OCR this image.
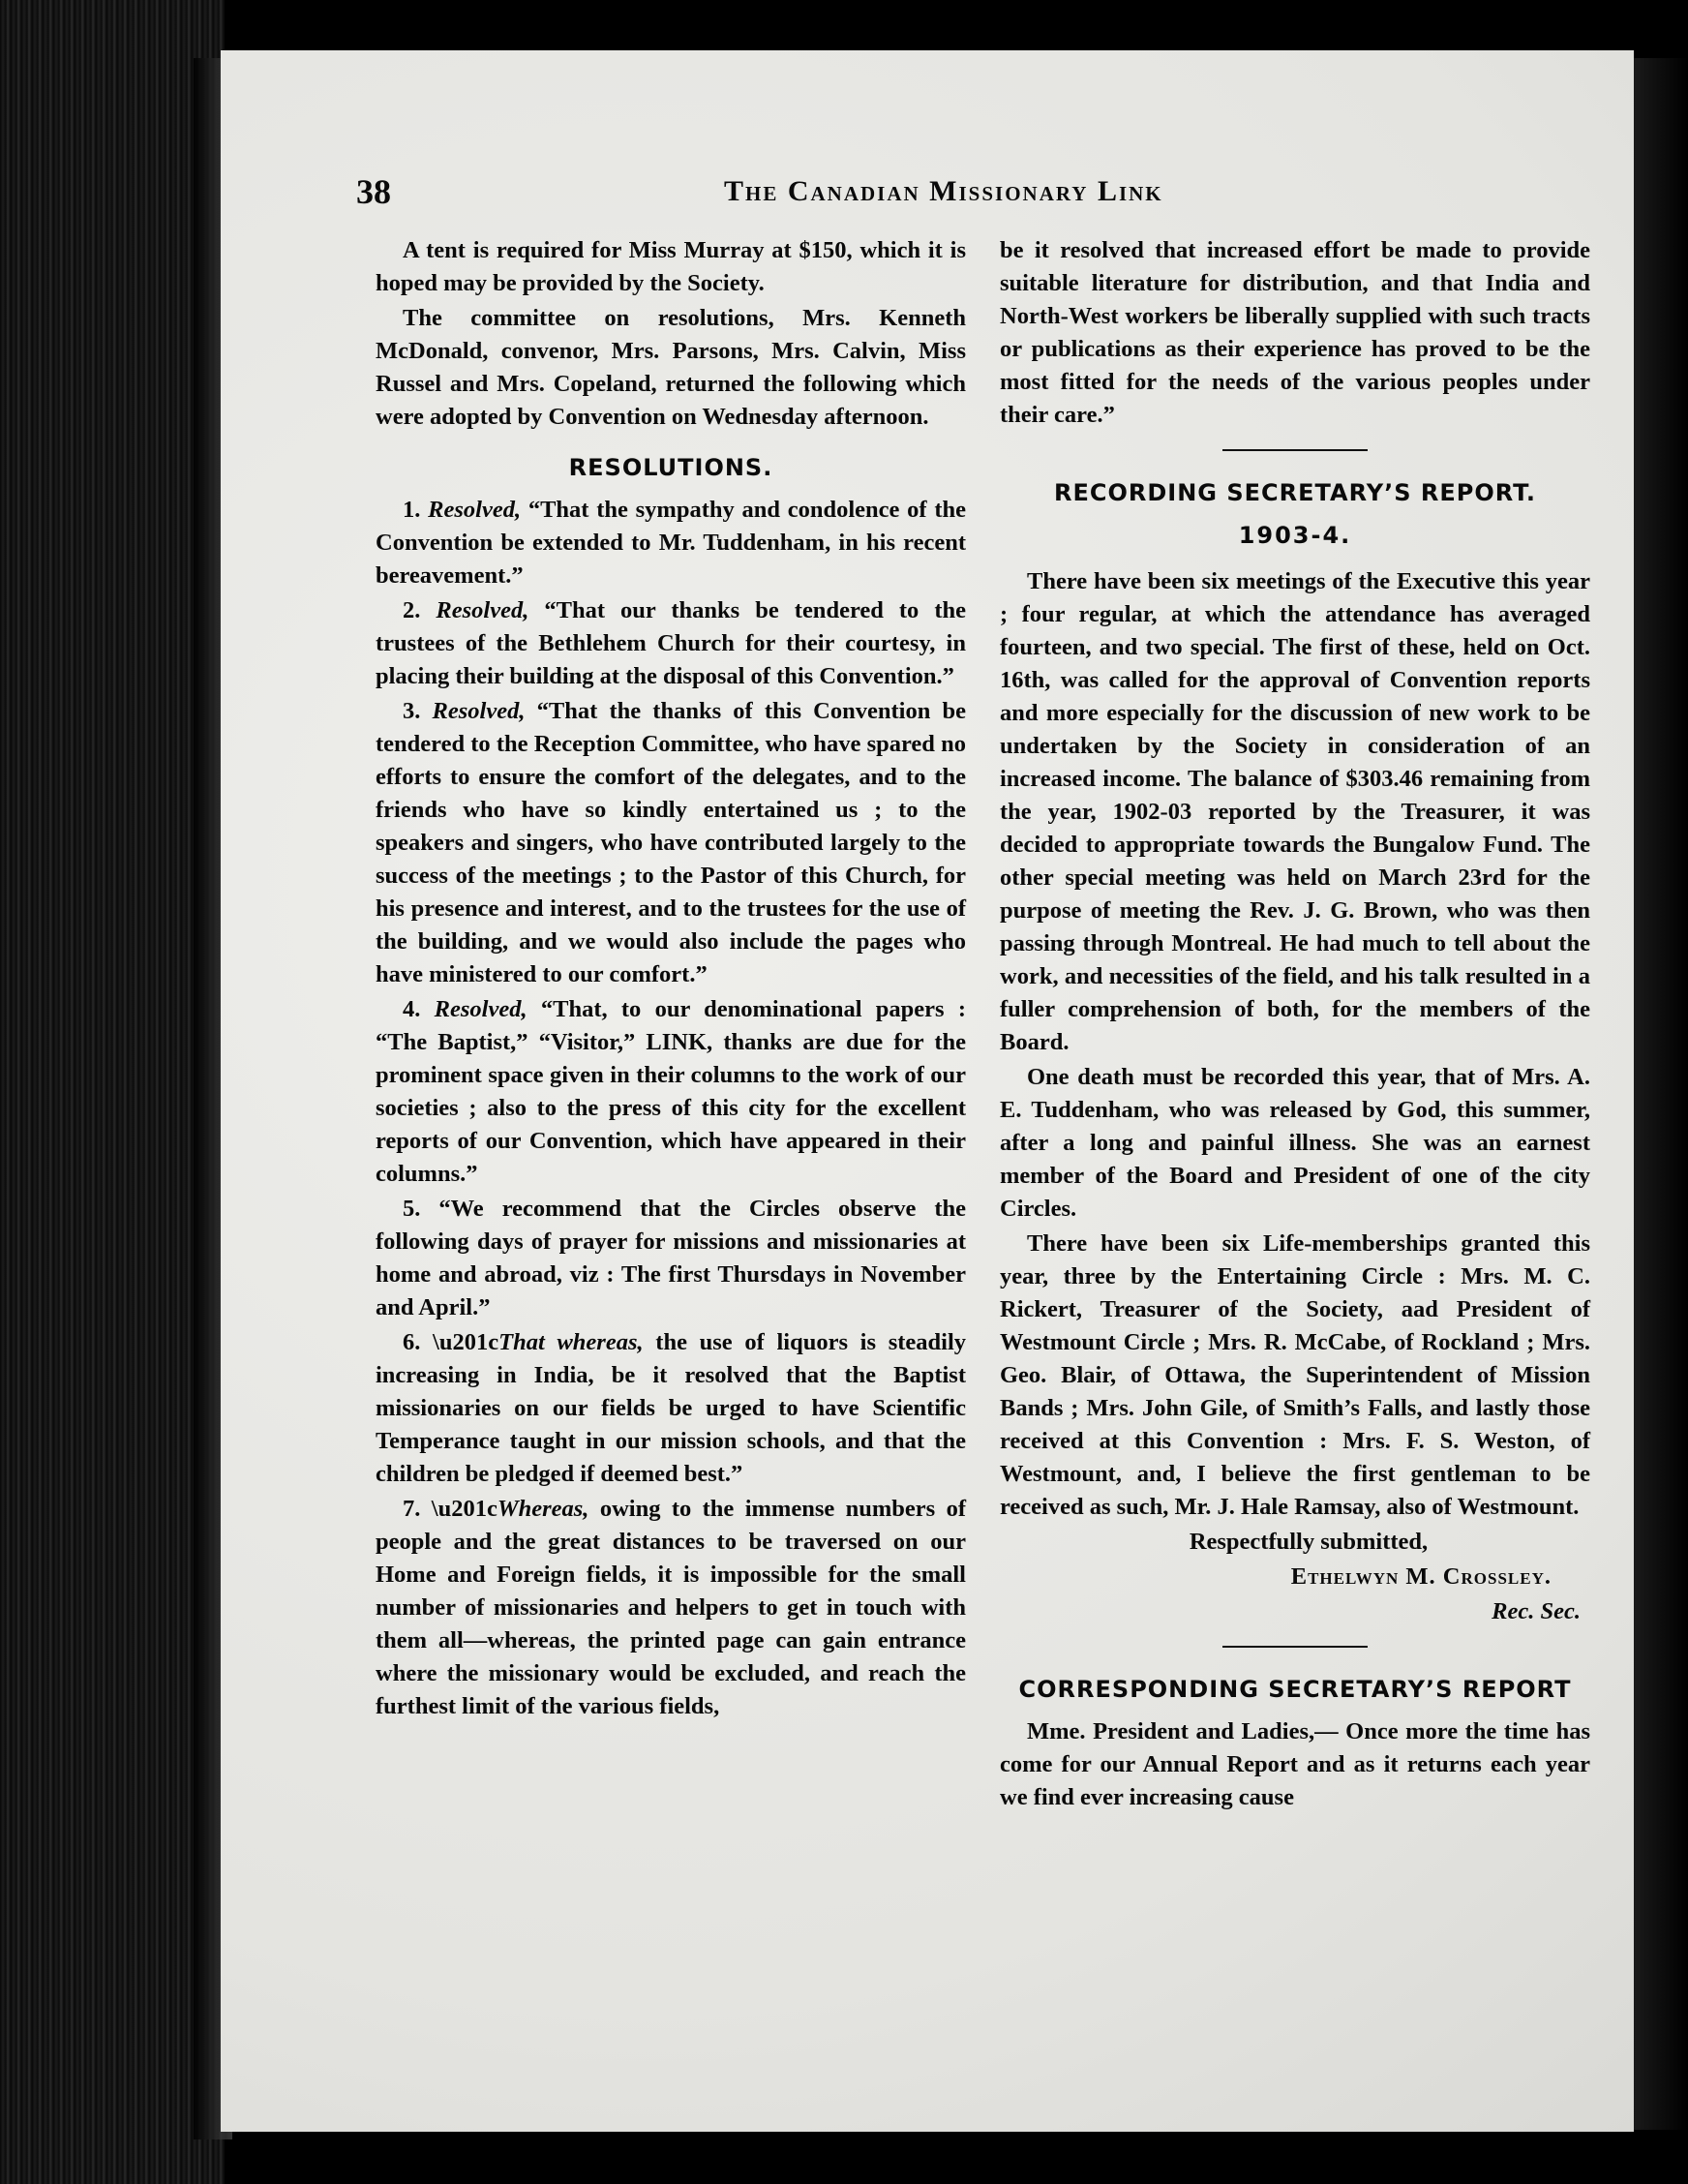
38	The Canadian Missionary Link

A tent is required for Miss Murray at $150, which it is hoped may be provided by the Society.

The committee on resolutions, Mrs. Kenneth McDonald, convenor, Mrs. Parsons, Mrs. Calvin, Miss Russel and Mrs. Copeland, returned the following which were adopted by Convention on Wednesday afternoon.

RESOLUTIONS.

1. Resolved, “That the sympathy and condolence of the Convention be extended to Mr. Tuddenham, in his recent bereavement.”

2. Resolved, “That our thanks be tendered to the trustees of the Bethlehem Church for their courtesy, in placing their building at the disposal of this Convention.”

3. Resolved, “That the thanks of this Convention be tendered to the Reception Committee, who have spared no efforts to ensure the comfort of the delegates, and to the friends who have so kindly entertained us ; to the speakers and singers, who have contributed largely to the success of the meetings ; to the Pastor of this Church, for his presence and interest, and to the trustees for the use of the building, and we would also include the pages who have ministered to our comfort.”

4. Resolved, “That, to our denominational papers : “The Baptist,” “Visitor,” LINK, thanks are due for the prominent space given in their columns to the work of our societies ; also to the press of this city for the excellent reports of our Convention, which have appeared in their columns.”

5. “We recommend that the Circles observe the following days of prayer for missions and missionaries at home and abroad, viz : The first Thursdays in November and April.”

6. \u201cThat whereas, the use of liquors is steadily increasing in India, be it resolved that the Baptist missionaries on our fields be urged to have Scientific Temperance taught in our mission schools, and that the children be pledged if deemed best.”

7. \u201cWhereas, owing to the immense numbers of people and the great distances to be traversed on our Home and Foreign fields, it is impossible for the small number of missionaries and helpers to get in touch with them all—whereas, the printed page can gain entrance where the missionary would be excluded, and reach the furthest limit of the various fields,

be it resolved that increased effort be made to provide suitable literature for distribution, and that India and North-West workers be liberally supplied with such tracts or publications as their experience has proved to be the most fitted for the needs of the various peoples under their care.”

RECORDING SECRETARY’S REPORT.
1903-4.

There have been six meetings of the Executive this year ; four regular, at which the attendance has averaged fourteen, and two special. The first of these, held on Oct. 16th, was called for the approval of Convention reports and more especially for the discussion of new work to be undertaken by the Society in consideration of an increased income. The balance of $303.46 remaining from the year, 1902-03 reported by the Treasurer, it was decided to appropriate towards the Bungalow Fund. The other special meeting was held on March 23rd for the purpose of meeting the Rev. J. G. Brown, who was then passing through Montreal. He had much to tell about the work, and necessities of the field, and his talk resulted in a fuller comprehension of both, for the members of the Board.

One death must be recorded this year, that of Mrs. A. E. Tuddenham, who was released by God, this summer, after a long and painful illness. She was an earnest member of the Board and President of one of the city Circles.

There have been six Life-memberships granted this year, three by the Entertaining Circle : Mrs. M. C. Rickert, Treasurer of the Society, aad President of Westmount Circle ; Mrs. R. McCabe, of Rockland ; Mrs. Geo. Blair, of Ottawa, the Superintendent of Mission Bands ; Mrs. John Gile, of Smith’s Falls, and lastly those received at this Convention : Mrs. F. S. Weston, of Westmount, and, I believe the first gentleman to be received as such, Mr. J. Hale Ramsay, also of Westmount.

Respectfully submitted,

Ethelwyn M. Crossley.

Rec. Sec.

CORRESPONDING SECRETARY’S REPORT

Mme. President and Ladies,— Once more the time has come for our Annual Report and as it returns each year we find ever increasing cause
